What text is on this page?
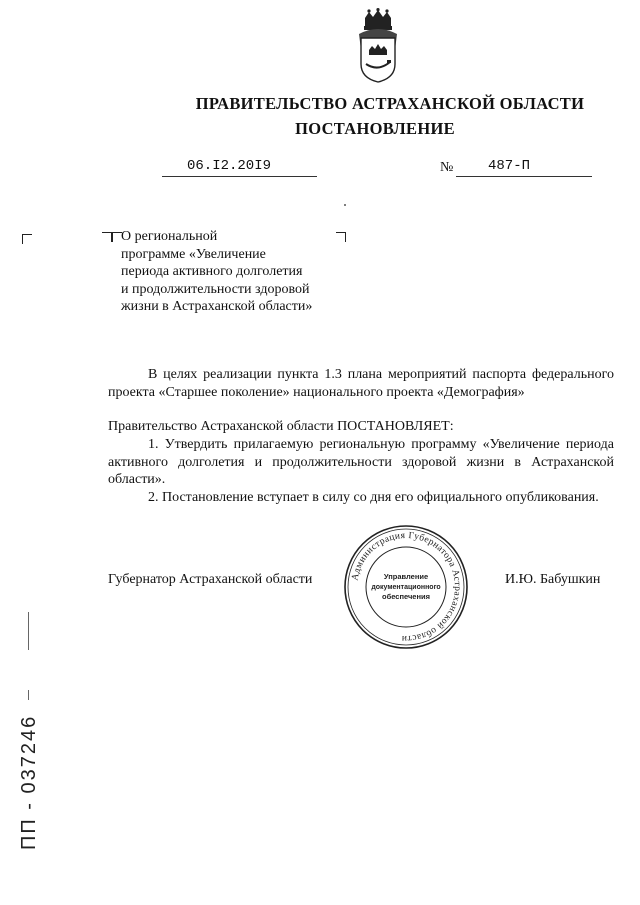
ПРАВИТЕЛЬСТВО АСТРАХАНСКОЙ ОБЛАСТИ
ПОСТАНОВЛЕНИЕ
06.I2.20I9	№ 487-П
О региональной
программе «Увеличение
периода активного долголетия
и продолжительности здоровой
жизни в Астраханской области»
В целях реализации пункта 1.3 плана мероприятий паспорта федерального проекта «Старшее поколение» национального проекта «Демография»
Правительство Астраханской области ПОСТАНОВЛЯЕТ:
1. Утвердить прилагаемую региональную программу «Увеличение периода активного долголетия и продолжительности здоровой жизни в Астраханской области».
2. Постановление вступает в силу со дня его официального опубликования.
Губернатор Астраханской области	И.Ю. Бабушкин
Администрация Губернатора Астраханской области
Управление
документационного
обеспечения
ПП - 037246
